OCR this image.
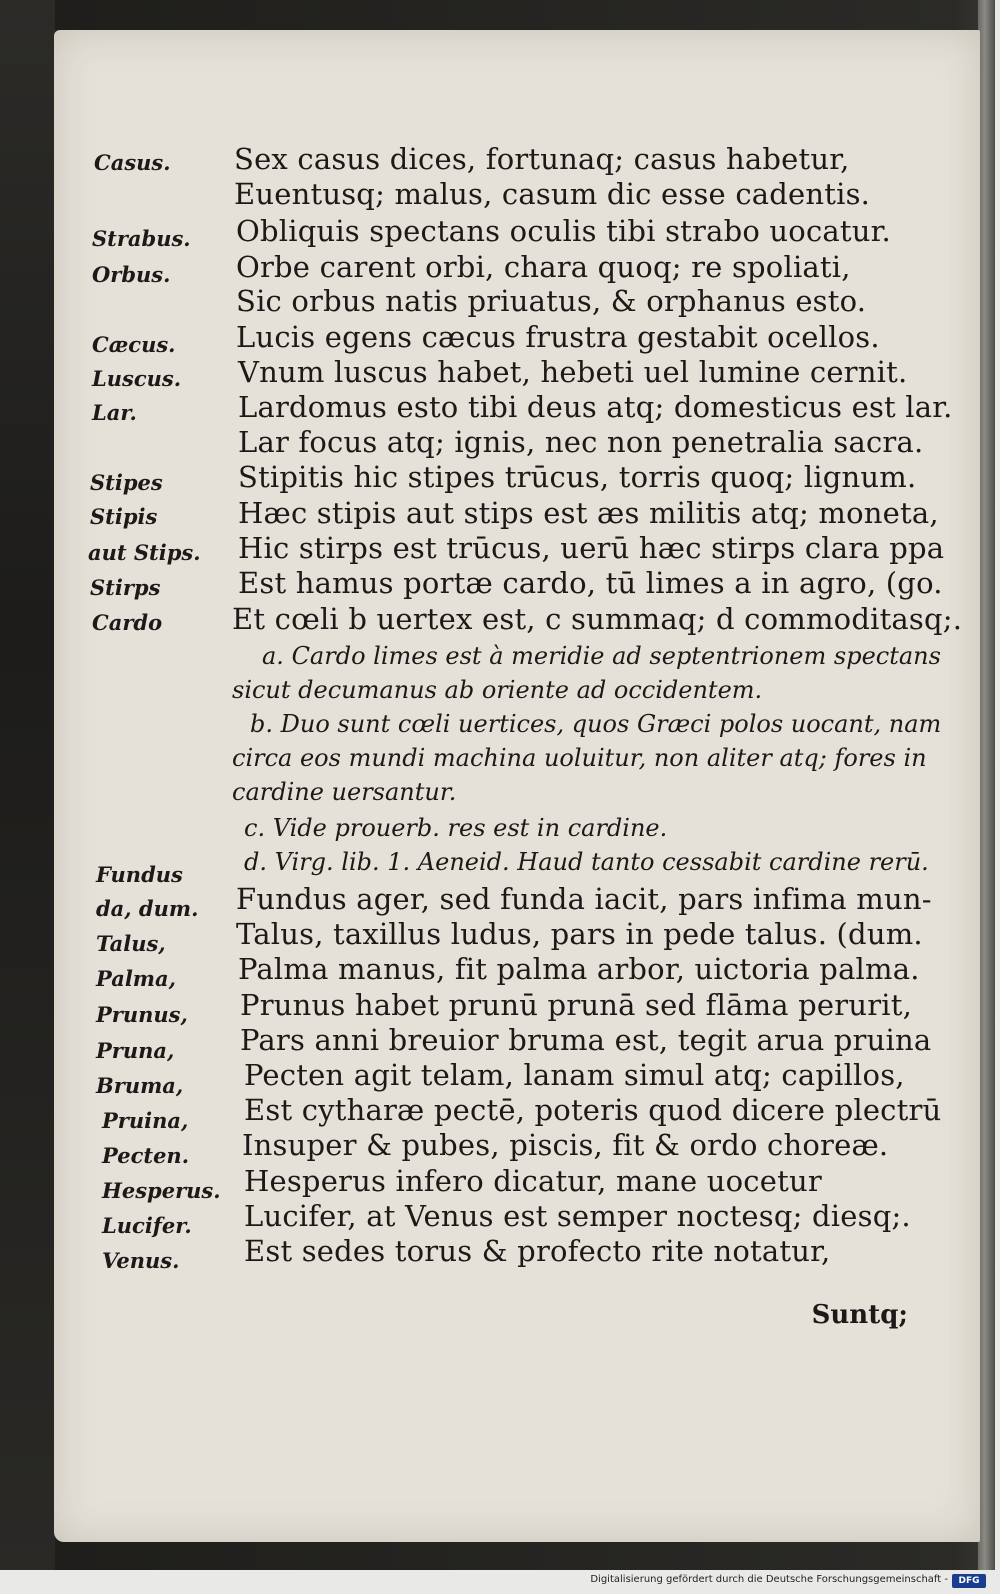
Casus.
Strabus.
Orbus.
Cæcus.
Luscus.
Lar.
Stipes
Stipis
aut Stips.
Stirps
Cardo
Fundus
da, dum.
Talus,
Palma,
Prunus,
Pruna,
Bruma,
Pruina,
Pecten.
Hesperus.
Lucifer.
Venus.
Sex casus dices, fortunaq; casus habetur,
Euentusq; malus, casum dic esse cadentis.
Obliquis spectans oculis tibi strabo uocatur.
Orbe carent orbi, chara quoq; re spoliati,
Sic orbus natis priuatus, & orphanus esto.
Lucis egens cæcus frustra gestabit ocellos.
Vnum luscus habet, hebeti uel lumine cernit.
Lardomus esto tibi deus atq; domesticus est lar.
Lar focus atq; ignis, nec non penetralia sacra.
Stipitis hic stipes trūcus, torris quoq; lignum.
Hæc stipis aut stips est æs militis atq; moneta,
Hic stirps est trūcus, uerū hæc stirps clara ppa
Est hamus portæ cardo, tū limes a in agro, (go.
Et cœli b uertex est, c summaq; d commoditasq;.
a. Cardo limes est à meridie ad septentrionem spectans
sicut decumanus ab oriente ad occidentem.
b. Duo sunt cœli uertices, quos Græci polos uocant, nam
circa eos mundi machina uoluitur, non aliter atq; fores in
cardine uersantur.
c. Vide prouerb. res est in cardine.
d. Virg. lib. 1. Aeneid. Haud tanto cessabit cardine rerū.
Fundus ager, sed funda iacit, pars infima mun-
Talus, taxillus ludus, pars in pede talus. (dum.
Palma manus, fit palma arbor, uictoria palma.
Prunus habet prunū prunā sed flāma perurit,
Pars anni breuior bruma est, tegit arua pruina
Pecten agit telam, lanam simul atq; capillos,
Est cytharæ pectē, poteris quod dicere plectrū
Insuper & pubes, piscis, fit & ordo choreæ.
Hesperus infero dicatur, mane uocetur
Lucifer, at Venus est semper noctesq; diesq;.
Est sedes torus & profecto rite notatur,
Suntq;
Digitalisierung gefördert durch die Deutsche Forschungsgemeinschaft -	DFG
